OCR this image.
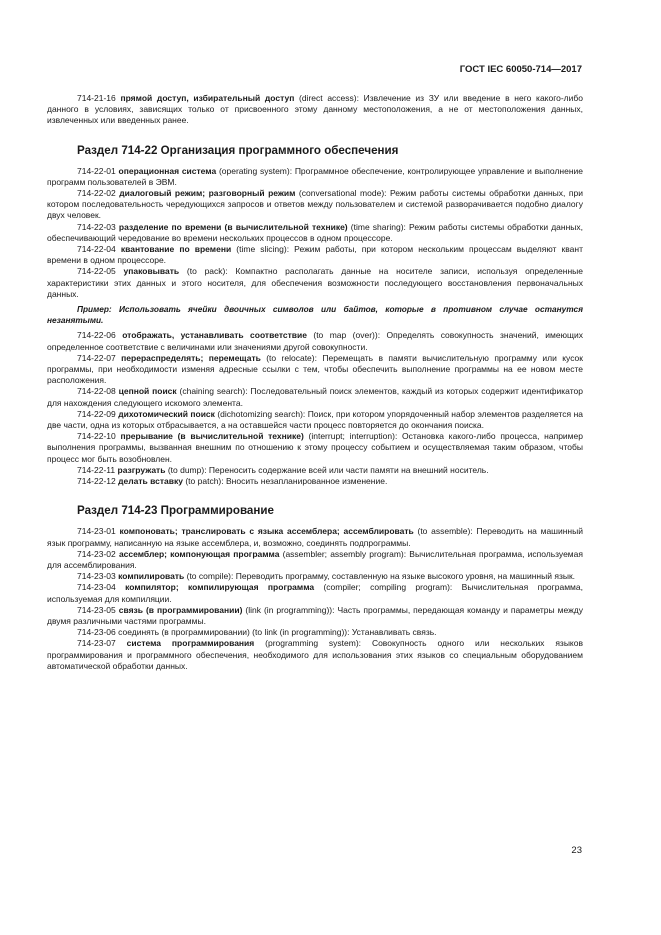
ГОСТ IEC 60050-714—2017

714-21-16 прямой доступ, избирательный доступ (direct access): Извлечение из ЗУ или введение в него какого-либо данного в условиях, зависящих только от присвоенного этому данному местоположения, а не от местоположения данных, извлеченных или введенных ранее.

Раздел 714-22 Организация программного обеспечения

714-22-01 операционная система (operating system): Программное обеспечение, контролирующее управление и выполнение программ пользователей в ЭВМ.

714-22-02 диалоговый режим; разговорный режим (conversational mode): Режим работы системы обработки данных, при котором последовательность чередующихся запросов и ответов между пользователем и системой разворачивается подобно диалогу двух человек.

714-22-03 разделение по времени (в вычислительной технике) (time sharing): Режим работы системы обработки данных, обеспечивающий чередование во времени нескольких процессов в одном процессоре.

714-22-04 квантование по времени (time slicing): Режим работы, при котором нескольким процессам выделяют квант времени в одном процессоре.

714-22-05 упаковывать (to pack): Компактно располагать данные на носителе записи, используя определенные характеристики этих данных и этого носителя, для обеспечения возможности последующего восстановления первоначальных данных.

Пример: Использовать ячейки двоичных символов или байтов, которые в противном случае останутся незанятыми.

714-22-06 отображать, устанавливать соответствие (to map (over)): Определять совокупность значений, имеющих определенное соответствие с величинами или значениями другой совокупности.

714-22-07 перераспределять; перемещать (to relocate): Перемещать в памяти вычислительную программу или кусок программы, при необходимости изменяя адресные ссылки с тем, чтобы обеспечить выполнение программы на ее новом месте расположения.

714-22-08 цепной поиск (chaining search): Последовательный поиск элементов, каждый из которых содержит идентификатор для нахождения следующего искомого элемента.

714-22-09 дихотомический поиск (dichotomizing search): Поиск, при котором упорядоченный набор элементов разделяется на две части, одна из которых отбрасывается, а на оставшейся части процесс повторяется до окончания поиска.

714-22-10 прерывание (в вычислительной технике) (interrupt; interruption): Остановка какого-либо процесса, например выполнения программы, вызванная внешним по отношению к этому процессу событием и осуществляемая таким образом, чтобы процесс мог быть возобновлен.

714-22-11 разгружать (to dump): Переносить содержание всей или части памяти на внешний носитель.

714-22-12 делать вставку (to patch): Вносить незапланированное изменение.

Раздел 714-23 Программирование

714-23-01 компоновать; транслировать с языка ассемблера; ассемблировать (to assemble): Переводить на машинный язык программу, написанную на языке ассемблера, и, возможно, соединять подпрограммы.

714-23-02 ассемблер; компонующая программа (assembler; assembly program): Вычислительная программа, используемая для ассемблирования.

714-23-03 компилировать (to compile): Переводить программу, составленную на языке высокого уровня, на машинный язык.

714-23-04 компилятор; компилирующая программа (compiler; compiling program): Вычислительная программа, используемая для компиляции.

714-23-05 связь (в программировании) (link (in programming)): Часть программы, передающая команду и параметры между двумя различными частями программы.

714-23-06 соединять (в программировании) (to link (in programming)): Устанавливать связь.

714-23-07 система программирования (programming system): Совокупность одного или нескольких языков программирования и программного обеспечения, необходимого для использования этих языков со специальным оборудованием автоматической обработки данных.

23
